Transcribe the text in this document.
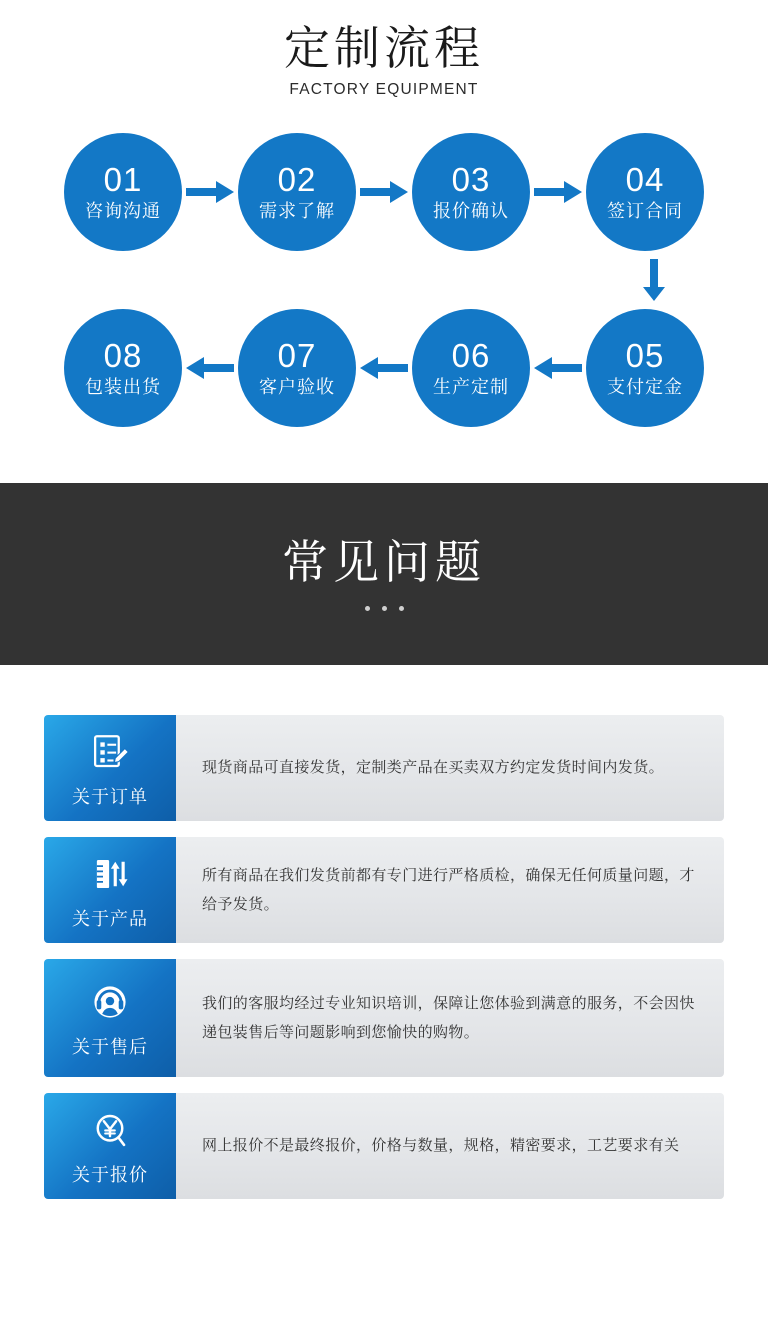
定制流程

FACTORY EQUIPMENT

01
咨询沟通
02
需求了解
03
报价确认
04
签订合同
08
包装出货
07
客户验收
06
生产定制
05
支付定金
常见问题
关于订单
现货商品可直接发货，定制类产品在买卖双方约定发货时间内发货。
关于产品
所有商品在我们发货前都有专门进行严格质检，确保无任何质量问题，才给予发货。
关于售后
我们的客服均经过专业知识培训，保障让您体验到满意的服务，不会因快递包装售后等问题影响到您愉快的购物。
关于报价
网上报价不是最终报价，价格与数量，规格，精密要求，工艺要求有关
